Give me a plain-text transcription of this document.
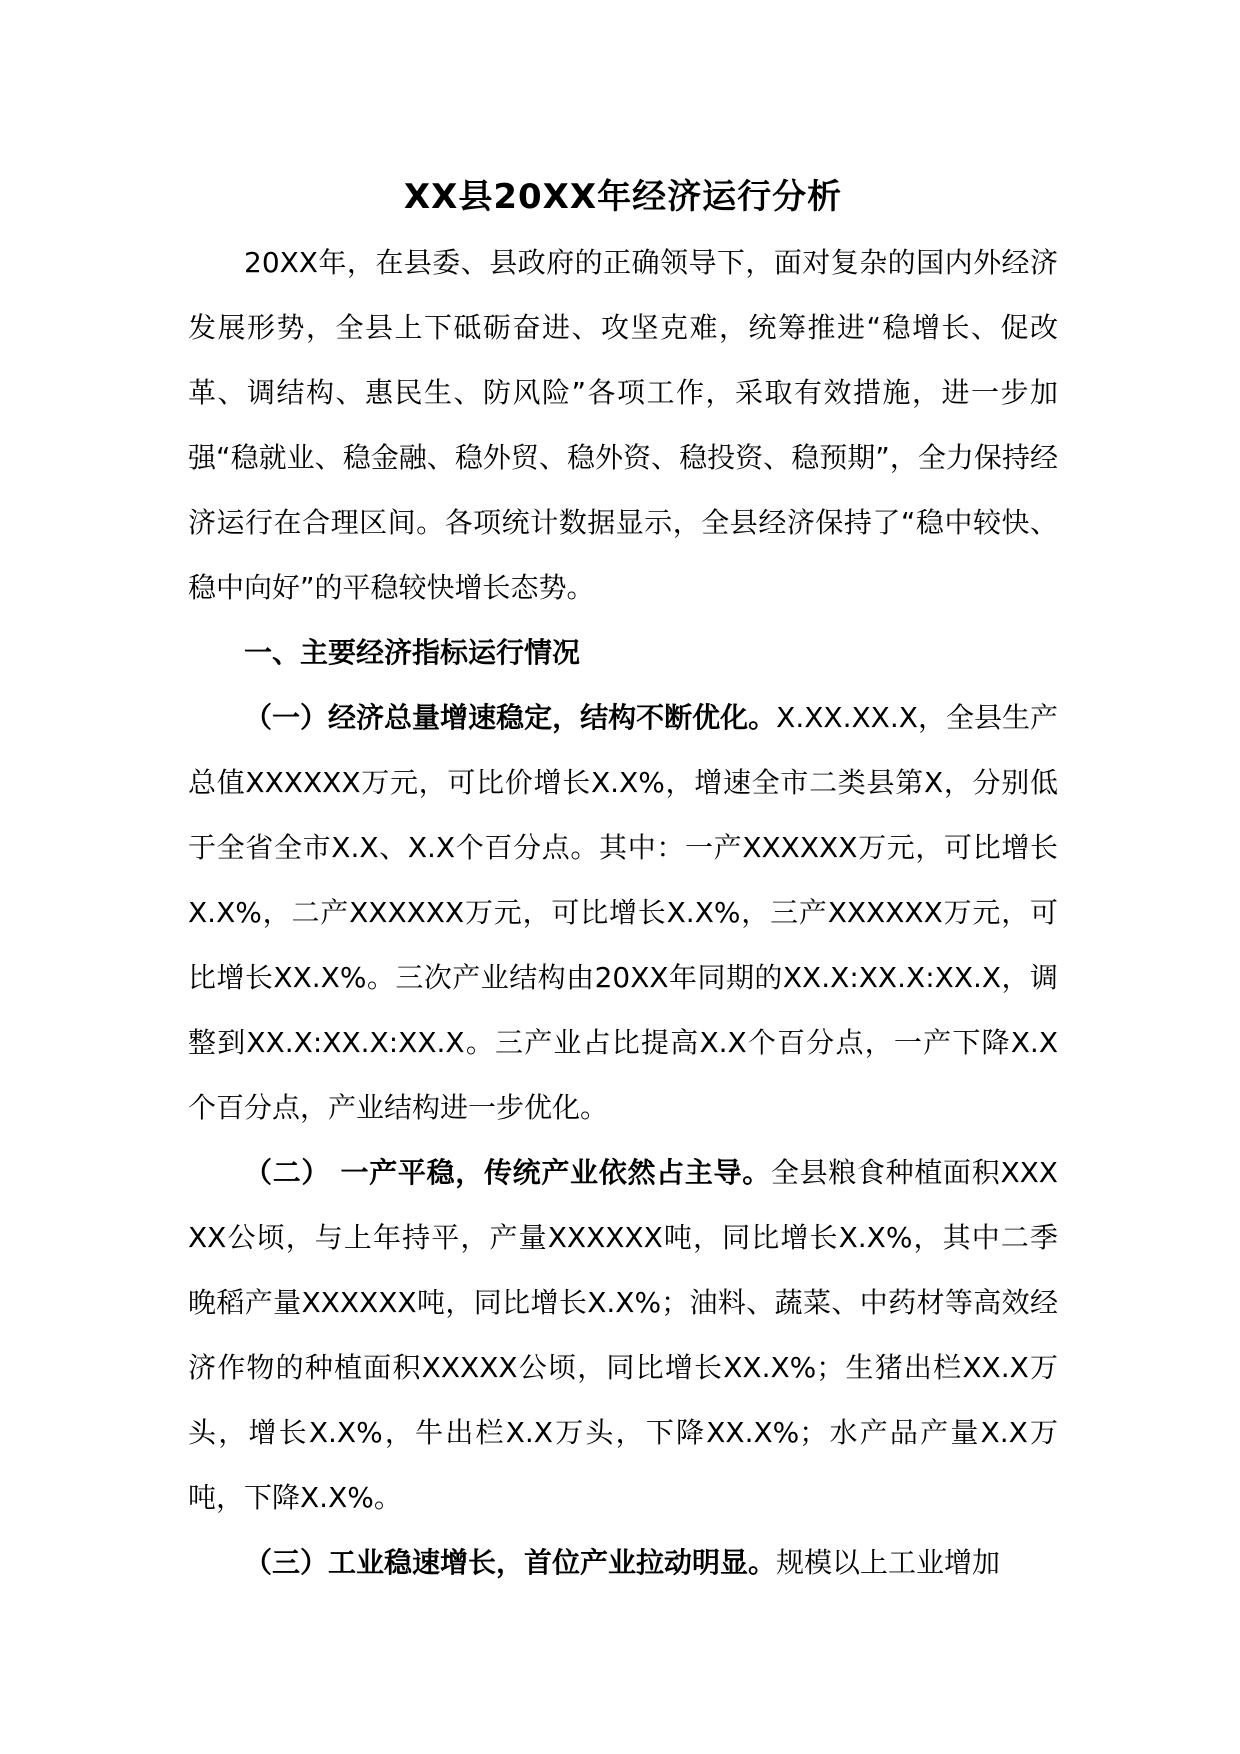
XX县20XX年经济运行分析

20XX年，在县委、县政府的正确领导下，面对复杂的国内外经济发展形势，全县上下砥砺奋进、攻坚克难，统筹推进“稳增长、促改革、调结构、惠民生、防风险”各项工作，采取有效措施，进一步加强“稳就业、稳金融、稳外贸、稳外资、稳投资、稳预期”，全力保持经济运行在合理区间。各项统计数据显示，全县经济保持了“稳中较快、稳中向好”的平稳较快增长态势。

一、主要经济指标运行情况

（一）经济总量增速稳定，结构不断优化。X.XX.XX.X，全县生产总值XXXXXX万元，可比价增长X.X%，增速全市二类县第X，分别低于全省全市X.X、X.X个百分点。其中：一产XXXXXX万元，可比增长X.X%，二产XXXXXX万元，可比增长X.X%，三产XXXXXX万元，可比增长XX.X%。三次产业结构由20XX年同期的XX.X:XX.X:XX.X，调整到XX.X:XX.X:XX.X。三产业占比提高X.X个百分点，一产下降X.X个百分点，产业结构进一步优化。

（二） 一产平稳，传统产业依然占主导。全县粮食种植面积XXXXX公顷，与上年持平，产量XXXXXX吨，同比增长X.X%，其中二季晚稻产量XXXXXX吨，同比增长X.X%；油料、蔬菜、中药材等高效经济作物的种植面积XXXXX公顷，同比增长XX.X%；生猪出栏XX.X万头，增长X.X%，牛出栏X.X万头，下降XX.X%；水产品产量X.X万吨，下降X.X%。

（三）工业稳速增长，首位产业拉动明显。规模以上工业增加
